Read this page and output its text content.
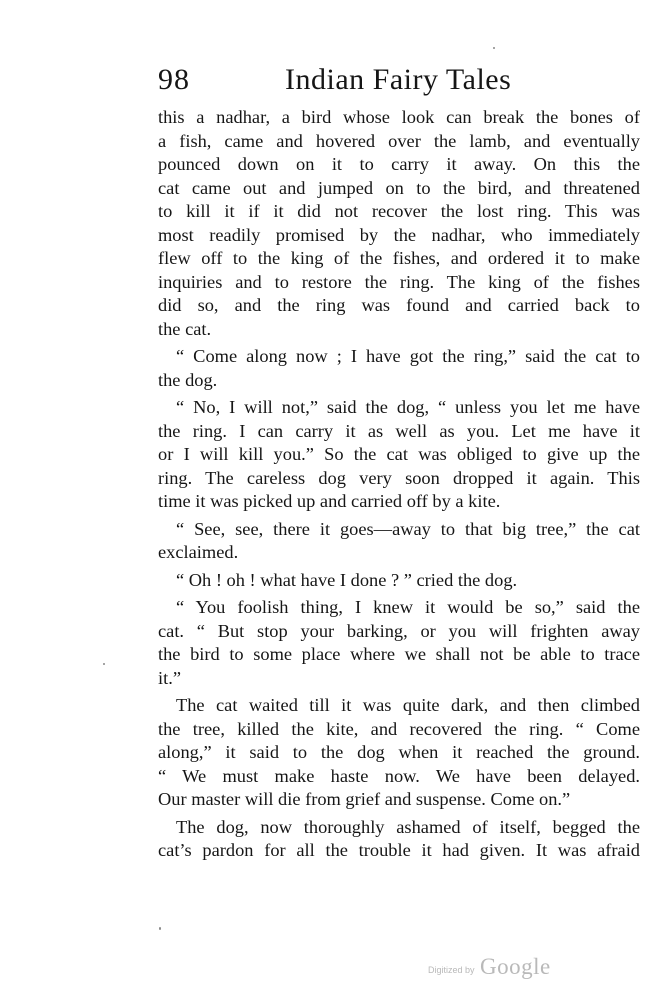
98	Indian Fairy Tales
this a nadhar, a bird whose look can break the bones of
a fish, came and hovered over the lamb, and eventually
pounced down on it to carry it away. On this the
cat came out and jumped on to the bird, and threatened
to kill it if it did not recover the lost ring. This was
most readily promised by the nadhar, who immediately
flew off to the king of the fishes, and ordered it to make
inquiries and to restore the ring. The king of the fishes
did so, and the ring was found and carried back to
the cat.
“ Come along now ; I have got the ring,” said the cat to
the dog.
“ No, I will not,” said the dog, “ unless you let me have
the ring. I can carry it as well as you. Let me have it
or I will kill you.” So the cat was obliged to give up the
ring. The careless dog very soon dropped it again. This
time it was picked up and carried off by a kite.
“ See, see, there it goes—away to that big tree,” the cat
exclaimed.
“ Oh ! oh ! what have I done ? ” cried the dog.
“ You foolish thing, I knew it would be so,” said the
cat. “ But stop your barking, or you will frighten away
the bird to some place where we shall not be able to trace
it.”
The cat waited till it was quite dark, and then climbed
the tree, killed the kite, and recovered the ring. “ Come
along,” it said to the dog when it reached the ground.
“ We must make haste now. We have been delayed.
Our master will die from grief and suspense. Come on.”
The dog, now thoroughly ashamed of itself, begged the
cat’s pardon for all the trouble it had given. It was afraid
Digitized by Google
